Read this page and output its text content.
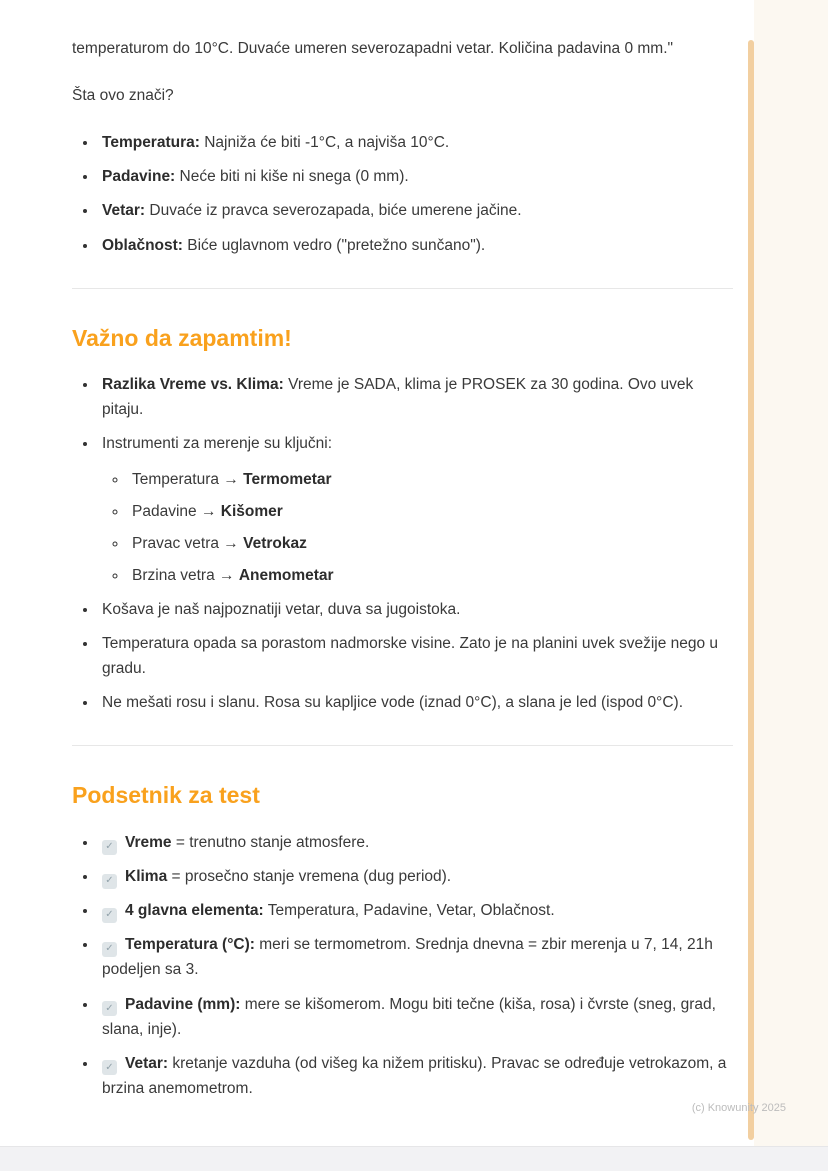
temperaturom do 10°C. Duvaće umeren severozapadni vetar. Količina padavina 0 mm."

Šta ovo znači?

• Temperatura: Najniža će biti -1°C, a najviša 10°C.
• Padavine: Neće biti ni kiše ni snega (0 mm).
• Vetar: Duvaće iz pravca severozapada, biće umerene jačine.
• Oblačnost: Biće uglavnom vedro ("pretežno sunčano").
Važno da zapamtim!
• Razlika Vreme vs. Klima: Vreme je SADA, klima je PROSEK za 30 godina. Ovo uvek pitaju.
• Instrumenti za merenje su ključni:
◦ Temperatura → Termometar
◦ Padavine → Kišomer
◦ Pravac vetra → Vetrokaz
◦ Brzina vetra → Anemometar
• Košava je naš najpoznatiji vetar, duva sa jugoistoka.
• Temperatura opada sa porastom nadmorske visine. Zato je na planini uvek svežije nego u gradu.
• Ne mešati rosu i slanu. Rosa su kapljice vode (iznad 0°C), a slana je led (ispod 0°C).
Podsetnik za test
• ✓ Vreme = trenutno stanje atmosfere.
• ✓ Klima = prosečno stanje vremena (dug period).
• ✓ 4 glavna elementa: Temperatura, Padavine, Vetar, Oblačnost.
• ✓ Temperatura (°C): meri se termometrom. Srednja dnevna = zbir merenja u 7, 14, 21h podeljen sa 3.
• ✓ Padavine (mm): mere se kišomerom. Mogu biti tečne (kiša, rosa) i čvrste (sneg, grad, slana, inje).
• ✓ Vetar: kretanje vazduha (od višeg ka nižem pritisku). Pravac se određuje vetrokazom, a brzina anemometrom.
(c) Knowunity 2025
